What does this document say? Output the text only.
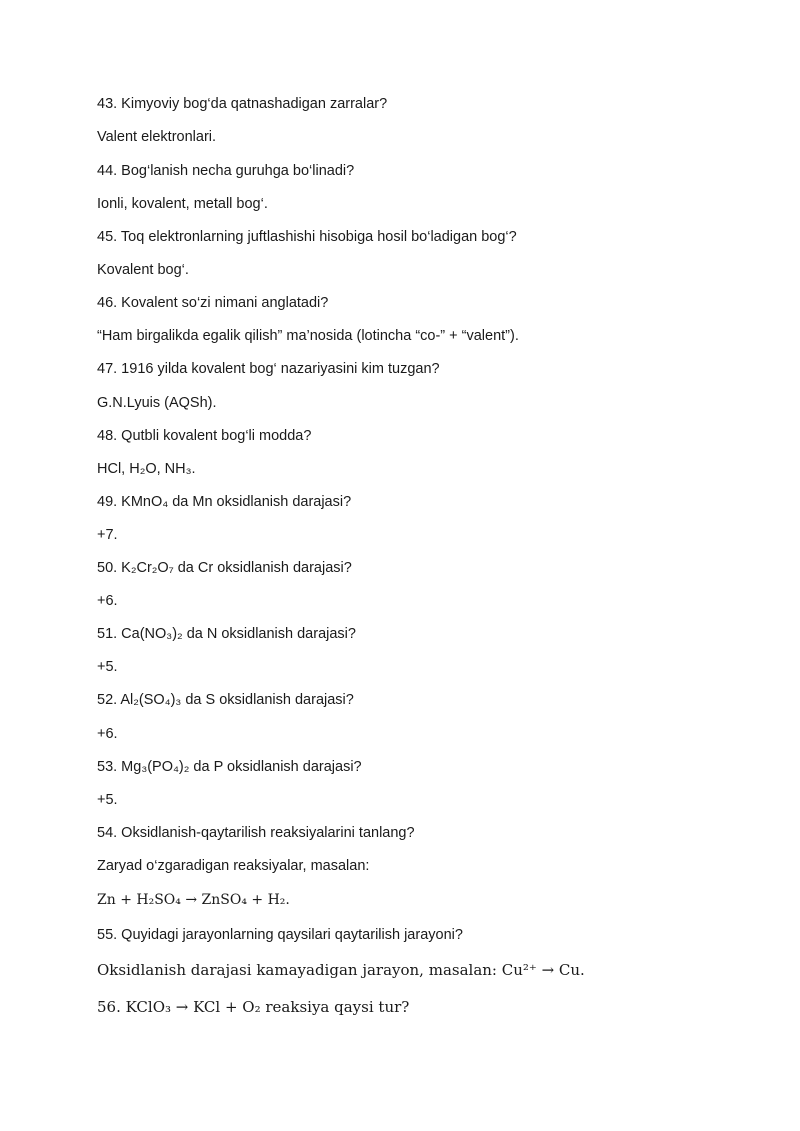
43. Kimyoviy bog‘da qatnashadigan zarralar?

Valent elektronlari.

44. Bog‘lanish necha guruhga bo‘linadi?

Ionli, kovalent, metall bog‘.

45. Toq elektronlarning juftlashishi hisobiga hosil bo‘ladigan bog‘?

Kovalent bog‘.

46. Kovalent so‘zi nimani anglatadi?

“Ham birgalikda egalik qilish” ma’nosida (lotincha “co-” + “valent”).

47. 1916 yilda kovalent bog‘ nazariyasini kim tuzgan?

G.N.Lyuis (AQSh).

48. Qutbli kovalent bog‘li modda?

HCl, H₂O, NH₃.

49. KMnO₄ da Mn oksidlanish darajasi?

+7.

50. K₂Cr₂O₇ da Cr oksidlanish darajasi?

+6.

51. Ca(NO₃)₂ da N oksidlanish darajasi?

+5.

52. Al₂(SO₄)₃ da S oksidlanish darajasi?

+6.

53. Mg₃(PO₄)₂ da P oksidlanish darajasi?

+5.

54. Oksidlanish-qaytarilish reaksiyalarini tanlang?

Zaryad o‘zgaradigan reaksiyalar, masalan:

Zn + H₂SO₄ → ZnSO₄ + H₂.

55. Quyidagi jarayonlarning qaysilari qaytarilish jarayoni?

Oksidlanish darajasi kamayadigan jarayon, masalan: Cu²⁺ → Cu.

56. KClO₃ → KCl + O₂ reaksiya qaysi tur?
